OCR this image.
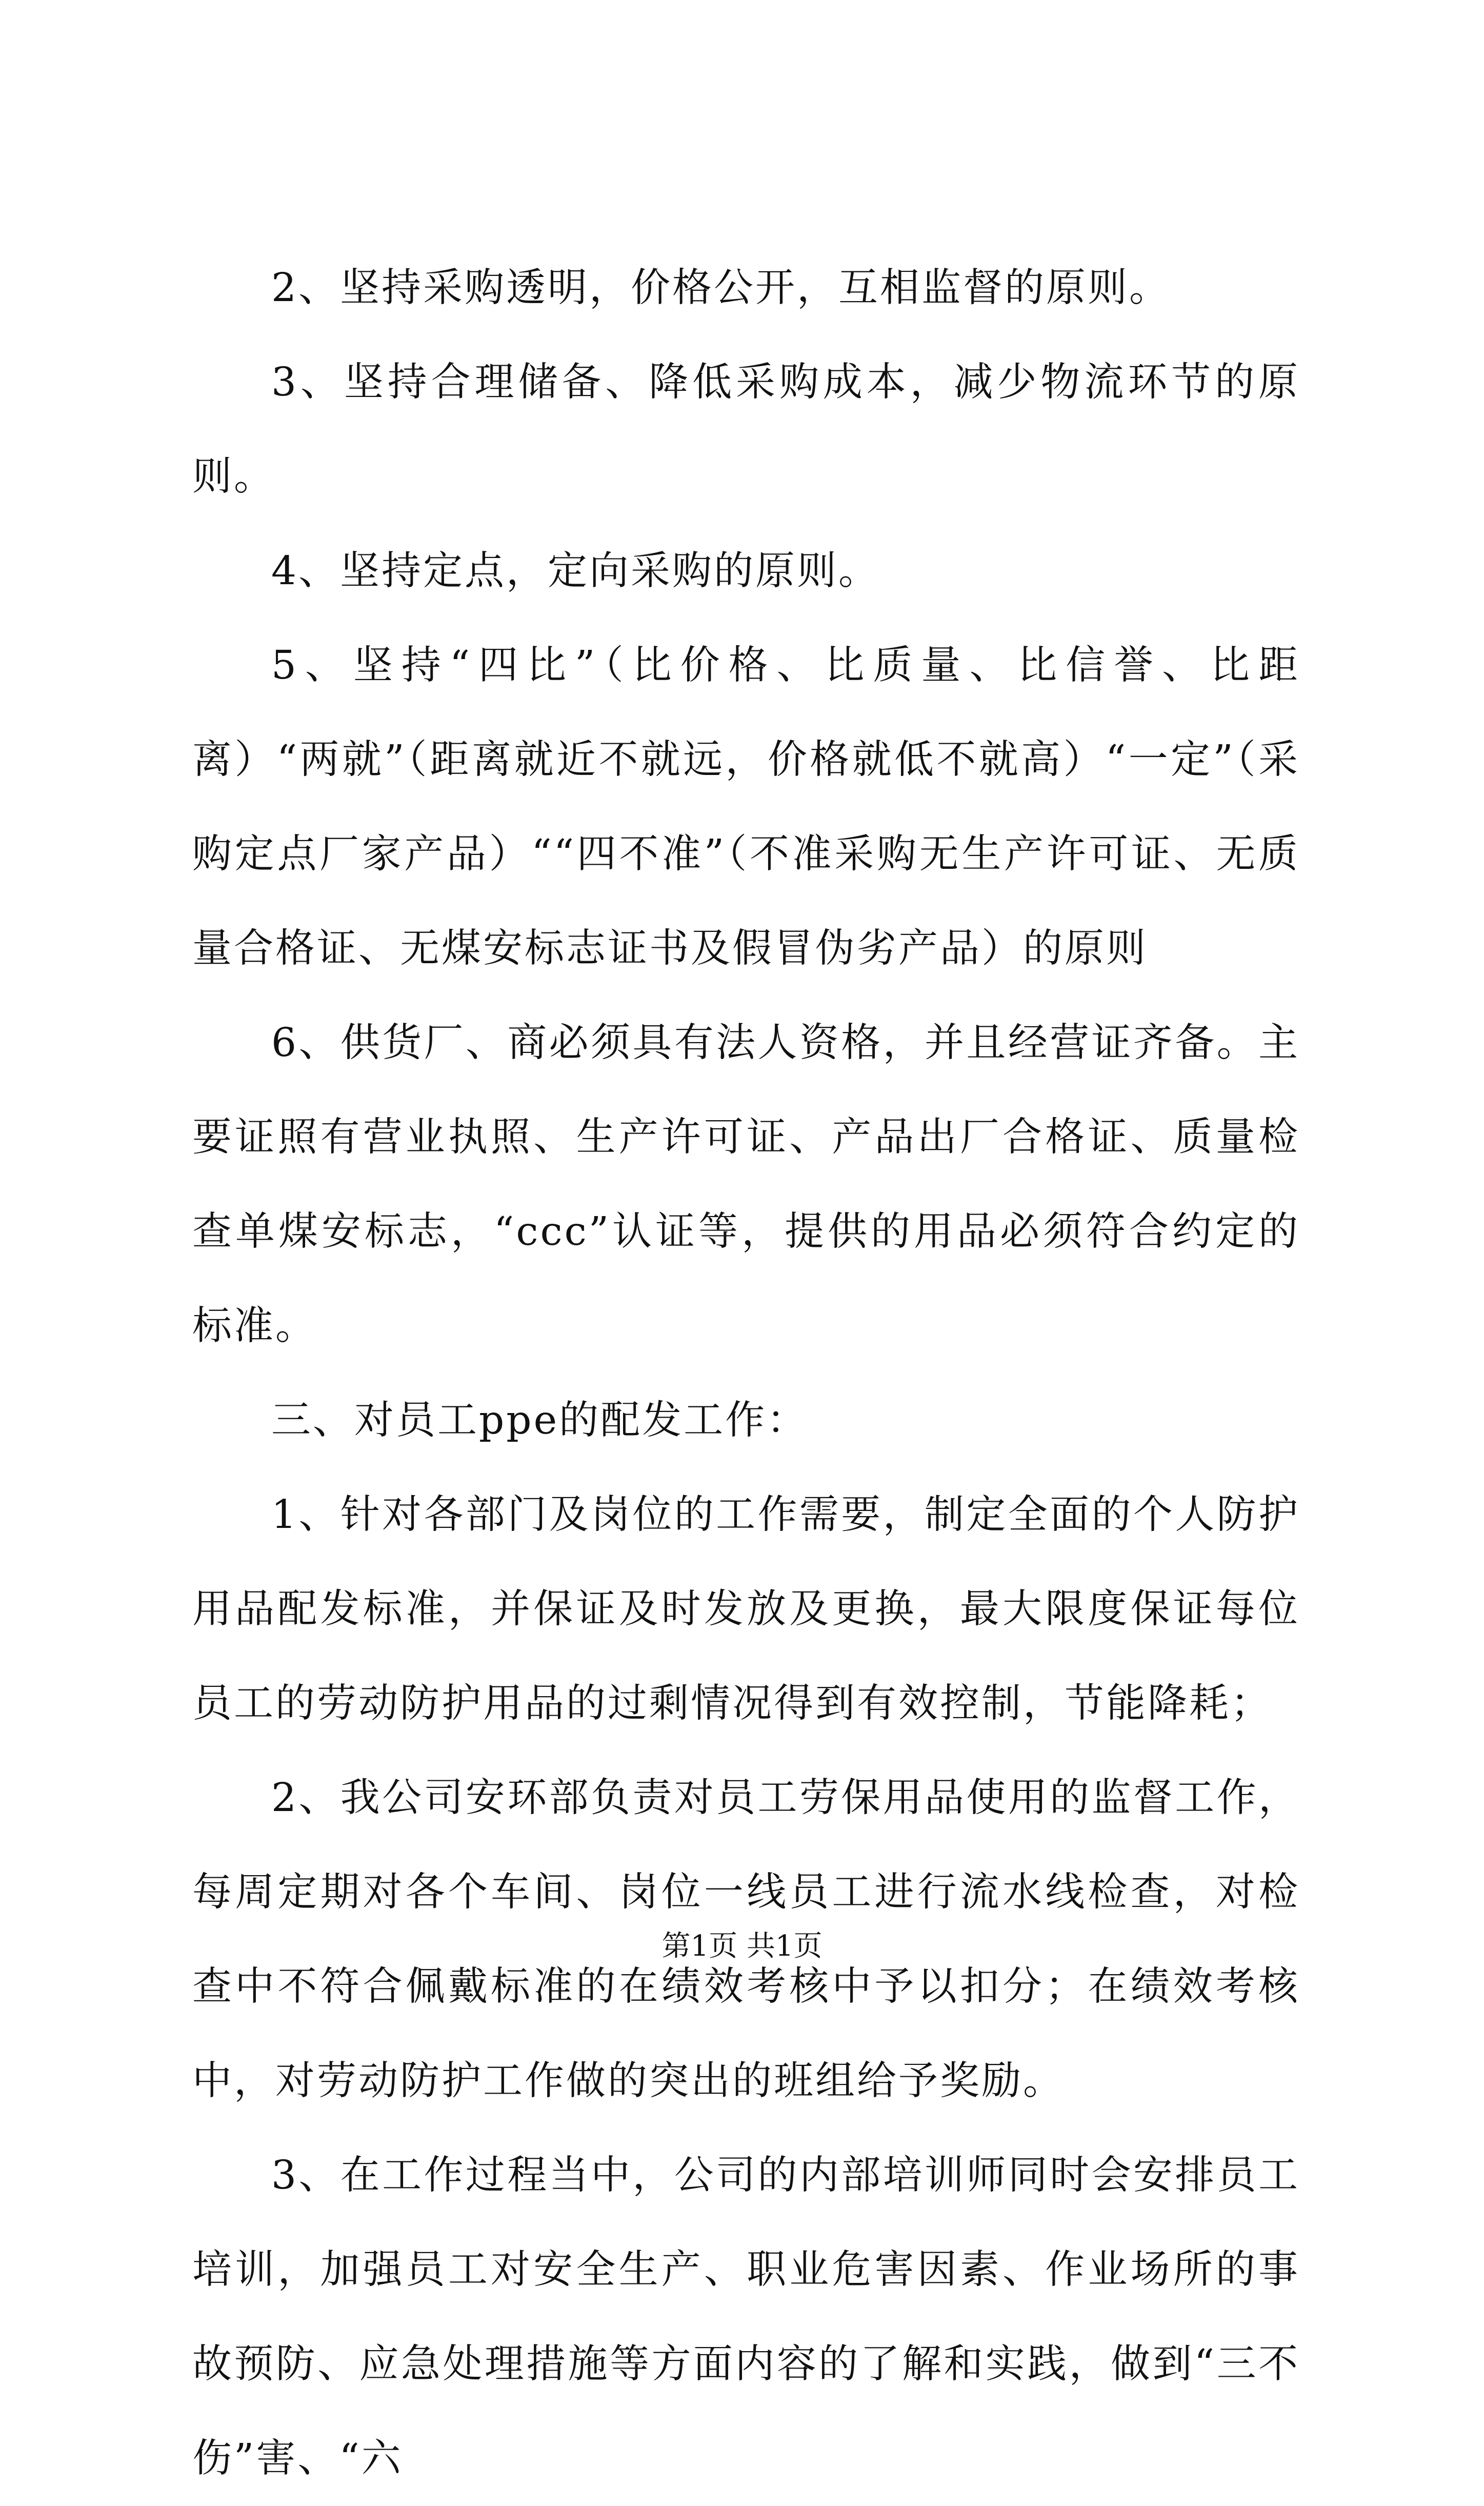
2、坚持采购透明，价格公开，互相监督的原则。

3、坚持合理储备、降低采购成本，减少物流环节的原则。

4、坚持定点，定向采购的原则。

5、坚持“四比”（比价格、比质量、比信誉、比距离）“两就”（距离就近不就远，价格就低不就高）“一定”（采购定点厂家产品）““四不准”（不准采购无生产许可证、无质量合格证、无煤安标志证书及假冒伪劣产品）的原则

6、供货厂、商必须具有法人资格，并且经营证齐备。主要证照有营业执照、生产许可证、产品出厂合格证、质量检查单煤安标志，“ccc”认证等，提供的用品必须符合约定的标准。

三、对员工ppe的配发工作：

1、针对各部门及岗位的工作需要，制定全面的个人防护用品配发标准，并保证及时发放及更换，最大限度保证每位员工的劳动防护用品的过剩情况得到有效控制，节能降耗；

2、我公司安环部负责对员工劳保用品使用的监督工作，每周定期对各个车间、岗位一线员工进行流水线检查，对检查中不符合佩戴标准的在绩效考核中予以扣分；在绩效考核中，对劳动防护工作做的突出的班组给予奖励。

3、在工作过程当中，公司的内部培训师同时会安排员工培训，加强员工对安全生产、职业危害因素、作业场所的事故预防、应急处理措施等方面内容的了解和实践，做到“三不伤”害、“六

第1页 共1页
